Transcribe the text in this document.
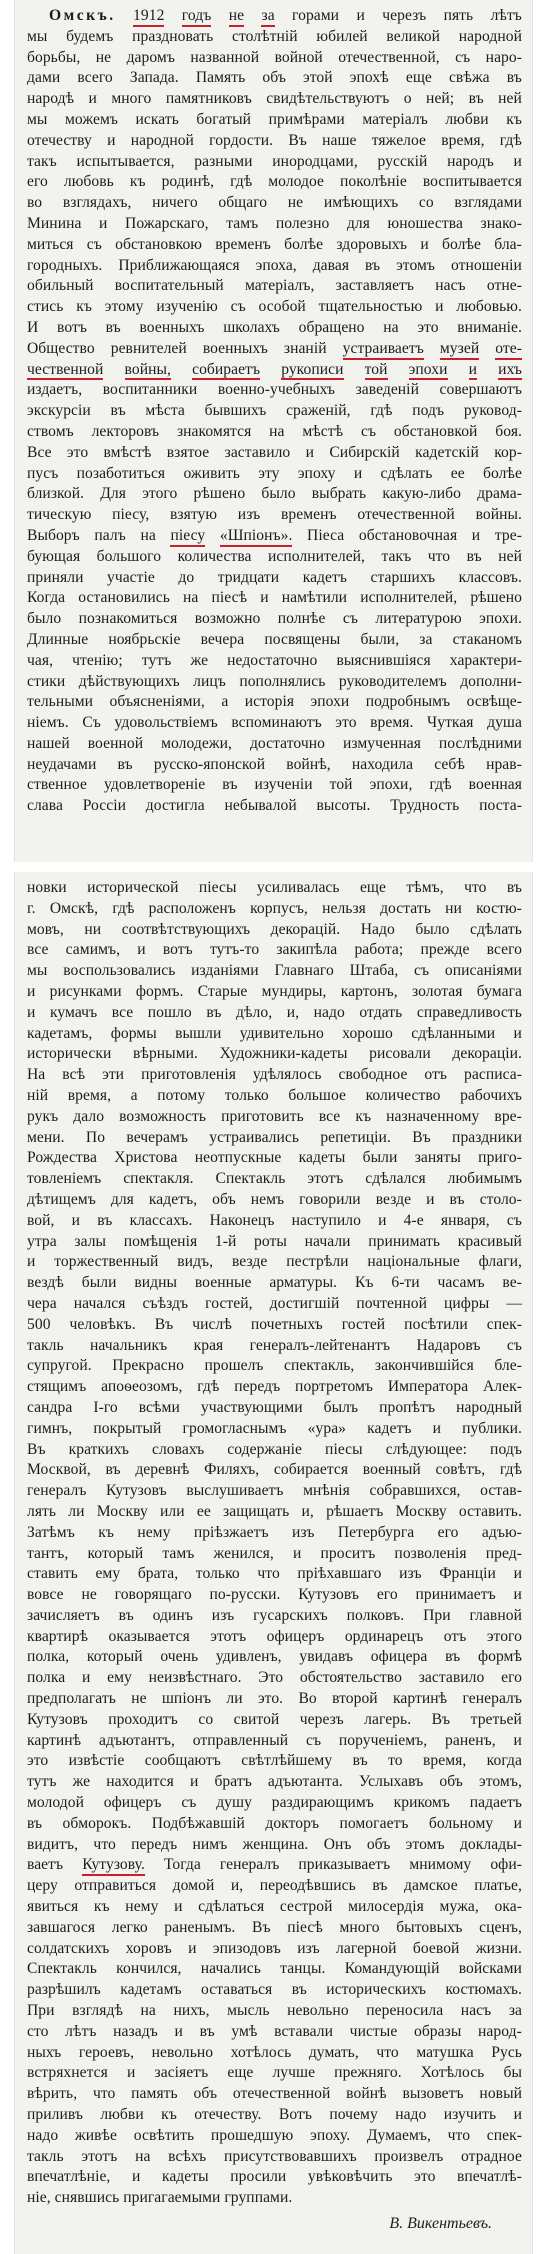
Омскъ. 1912 годъ не за горами и черезъ пять лѣтъ
мы будемъ праздновать столѣтній юбилей великой народной
борьбы, не даромъ названной войной отечественной, съ наро-
дами всего Запада. Память объ этой эпохѣ еще свѣжа въ
народѣ и много памятниковъ свидѣтельствуютъ о ней; въ ней
мы можемъ искать богатый примѣрами матеріалъ любви къ
отечеству и народной гордости. Въ наше тяжелое время, гдѣ
такъ испытывается, разными инородцами, русскій народъ и
его любовь къ родинѣ, гдѣ молодое поколѣніе воспитывается
во взглядахъ, ничего общаго не имѣющихъ со взглядами
Минина и Пожарскаго, тамъ полезно для юношества знако-
миться съ обстановкою временъ болѣе здоровыхъ и болѣе бла-
городныхъ. Приближающаяся эпоха, давая въ этомъ отношеніи
обильный воспитательный матеріалъ, заставляетъ насъ отне-
стись къ этому изученію съ особой тщательностью и любовью.
И вотъ въ военныхъ школахъ обращено на это вниманіе.
Общество ревнителей военныхъ знаній устраиваетъ музей оте-
чественной войны, собираетъ рукописи той эпохи и ихъ
издаетъ, воспитанники военно-учебныхъ заведеній совершаютъ
экскурсіи въ мѣста бывшихъ сраженій, гдѣ подъ руковод-
ствомъ лекторовъ знакомятся на мѣстѣ съ обстановкой боя.
Все это вмѣстѣ взятое заставило и Сибирскій кадетскій кор-
пусъ позаботиться оживить эту эпоху и сдѣлать ее болѣе
близкой. Для этого рѣшено было выбрать какую-либо драма-
тическую піесу, взятую изъ временъ отечественной войны.
Выборъ палъ на піесу «Шпіонъ». Піеса обстановочная и тре-
бующая большого количества исполнителей, такъ что въ ней
приняли участіе до тридцати кадетъ старшихъ классовъ.
Когда остановились на піесѣ и намѣтили исполнителей, рѣшено
было познакомиться возможно полнѣе съ литературою эпохи.
Длинные ноябрьскіе вечера посвящены были, за стаканомъ
чая, чтенію; тутъ же недостаточно выяснившіяся характери-
стики дѣйствующихъ лицъ пополнялись руководителемъ дополни-
тельными объясненіями, а исторія эпохи подробнымъ освѣще-
ніемъ. Съ удовольствіемъ вспоминаютъ это время. Чуткая душа
нашей военной молодежи, достаточно измученная послѣдними
неудачами въ русско-японской войнѣ, находила себѣ нрав-
ственное удовлетвореніе въ изученіи той эпохи, гдѣ военная
слава Россіи достигла небывалой высоты. Трудность поста-
новки исторической піесы усиливалась еще тѣмъ, что въ
г. Омскѣ, гдѣ расположенъ корпусъ, нельзя достать ни костю-
мовъ, ни соотвѣтствующихъ декорацій. Надо было сдѣлать
все самимъ, и вотъ тутъ-то закипѣла работа; прежде всего
мы воспользовались изданіями Главнаго Штаба, съ описаніями
и рисунками формъ. Старые мундиры, картонъ, золотая бумага
и кумачъ все пошло въ дѣло, и, надо отдать справедливость
кадетамъ, формы вышли удивительно хорошо сдѣланными и
исторически вѣрными. Художники-кадеты рисовали декораціи.
На всѣ эти приготовленія удѣлялось свободное отъ расписа-
ній время, а потому только большое количество рабочихъ
рукъ дало возможность приготовить все къ назначенному вре-
мени. По вечерамъ устраивались репетиціи. Въ праздники
Рождества Христова неотпускные кадеты были заняты приго-
товленіемъ спектакля. Спектакль этотъ сдѣлался любимымъ
дѣтищемъ для кадетъ, объ немъ говорили везде и въ столо-
вой, и въ классахъ. Наконецъ наступило и 4-е января, съ
утра залы помѣщенія 1-й роты начали принимать красивый
и торжественный видъ, везде пестрѣли національные флаги,
вездѣ были видны военные арматуры. Къ 6-ти часамъ ве-
чера начался съѣздъ гостей, достигшій почтенной цифры —
500 человѣкъ. Въ числѣ почетныхъ гостей посѣтили спек-
такль начальникъ края генералъ-лейтенантъ Надаровъ съ
супругой. Прекрасно прошелъ спектакль, закончившійся бле-
стящимъ апоѳеозомъ, гдѣ передъ портретомъ Императора Алек-
сандра I-го всѣми участвующими былъ пропѣтъ народный
гимнъ, покрытый громогласнымъ «ура» кадетъ и публики.
Въ краткихъ словахъ содержаніе піесы слѣдующее: подъ
Москвой, въ деревнѣ Филяхъ, собирается военный совѣтъ, гдѣ
генералъ Кутузовъ выслушиваетъ мнѣнія собравшихся, остав-
лять ли Москву или ее защищать и, рѣшаетъ Москву оставить.
Затѣмъ къ нему пріѣзжаетъ изъ Петербурга его адъю-
тантъ, который тамъ женился, и проситъ позволенія пред-
ставить ему брата, только что пріѣхавшаго изъ Франціи и
вовсе не говорящаго по-русски. Кутузовъ его принимаетъ и
зачисляетъ въ одинъ изъ гусарскихъ полковъ. При главной
квартирѣ оказывается этотъ офицеръ ординарецъ отъ этого
полка, который очень удивленъ, увидавъ офицера въ формѣ
полка и ему неизвѣстнаго. Это обстоятельство заставило его
предполагать не шпіонъ ли это. Во второй картинѣ генералъ
Кутузовъ проходитъ со свитой черезъ лагерь. Въ третьей
картинѣ адъютантъ, отправленный съ порученіемъ, раненъ, и
это извѣстіе сообщаютъ свѣтлѣйшему въ то время, когда
тутъ же находится и братъ адъютанта. Услыхавъ объ этомъ,
молодой офицеръ съ душу раздирающимъ крикомъ падаетъ
въ обморокъ. Подбѣжавшій докторъ помогаетъ больному и
видитъ, что передъ нимъ женщина. Онъ объ этомъ доклады-
ваетъ Кутузову. Тогда генералъ приказываетъ мнимому офи-
церу отправиться домой и, переодѣвшись въ дамское платье,
явиться къ нему и сдѣлаться сестрой милосердія мужа, ока-
завшагося легко раненымъ. Въ піесѣ много бытовыхъ сценъ,
солдатскихъ хоровъ и эпизодовъ изъ лагерной боевой жизни.
Спектакль кончился, начались танцы. Командующій войсками
разрѣшилъ кадетамъ оставаться въ историческихъ костюмахъ.
При взглядѣ на нихъ, мысль невольно переносила насъ за
сто лѣтъ назадъ и въ умѣ вставали чистые образы народ-
ныхъ героевъ, невольно хотѣлось думать, что матушка Русь
встряхнется и засіяетъ еще лучше прежняго. Хотѣлось бы
вѣрить, что память объ отечественной войнѣ вызоветъ новый
приливъ любви къ отечеству. Вотъ почему надо изучить и
надо живѣе освѣтить прошедшую эпоху. Думаемъ, что спек-
такль этотъ на всѣхъ присутствовавшихъ произвелъ отрадное
впечатлѣніе, и кадеты просили увѣковѣчить это впечатлѣ-
ніе, снявшись пригагаемыми группами.
В. Викентьевъ.
